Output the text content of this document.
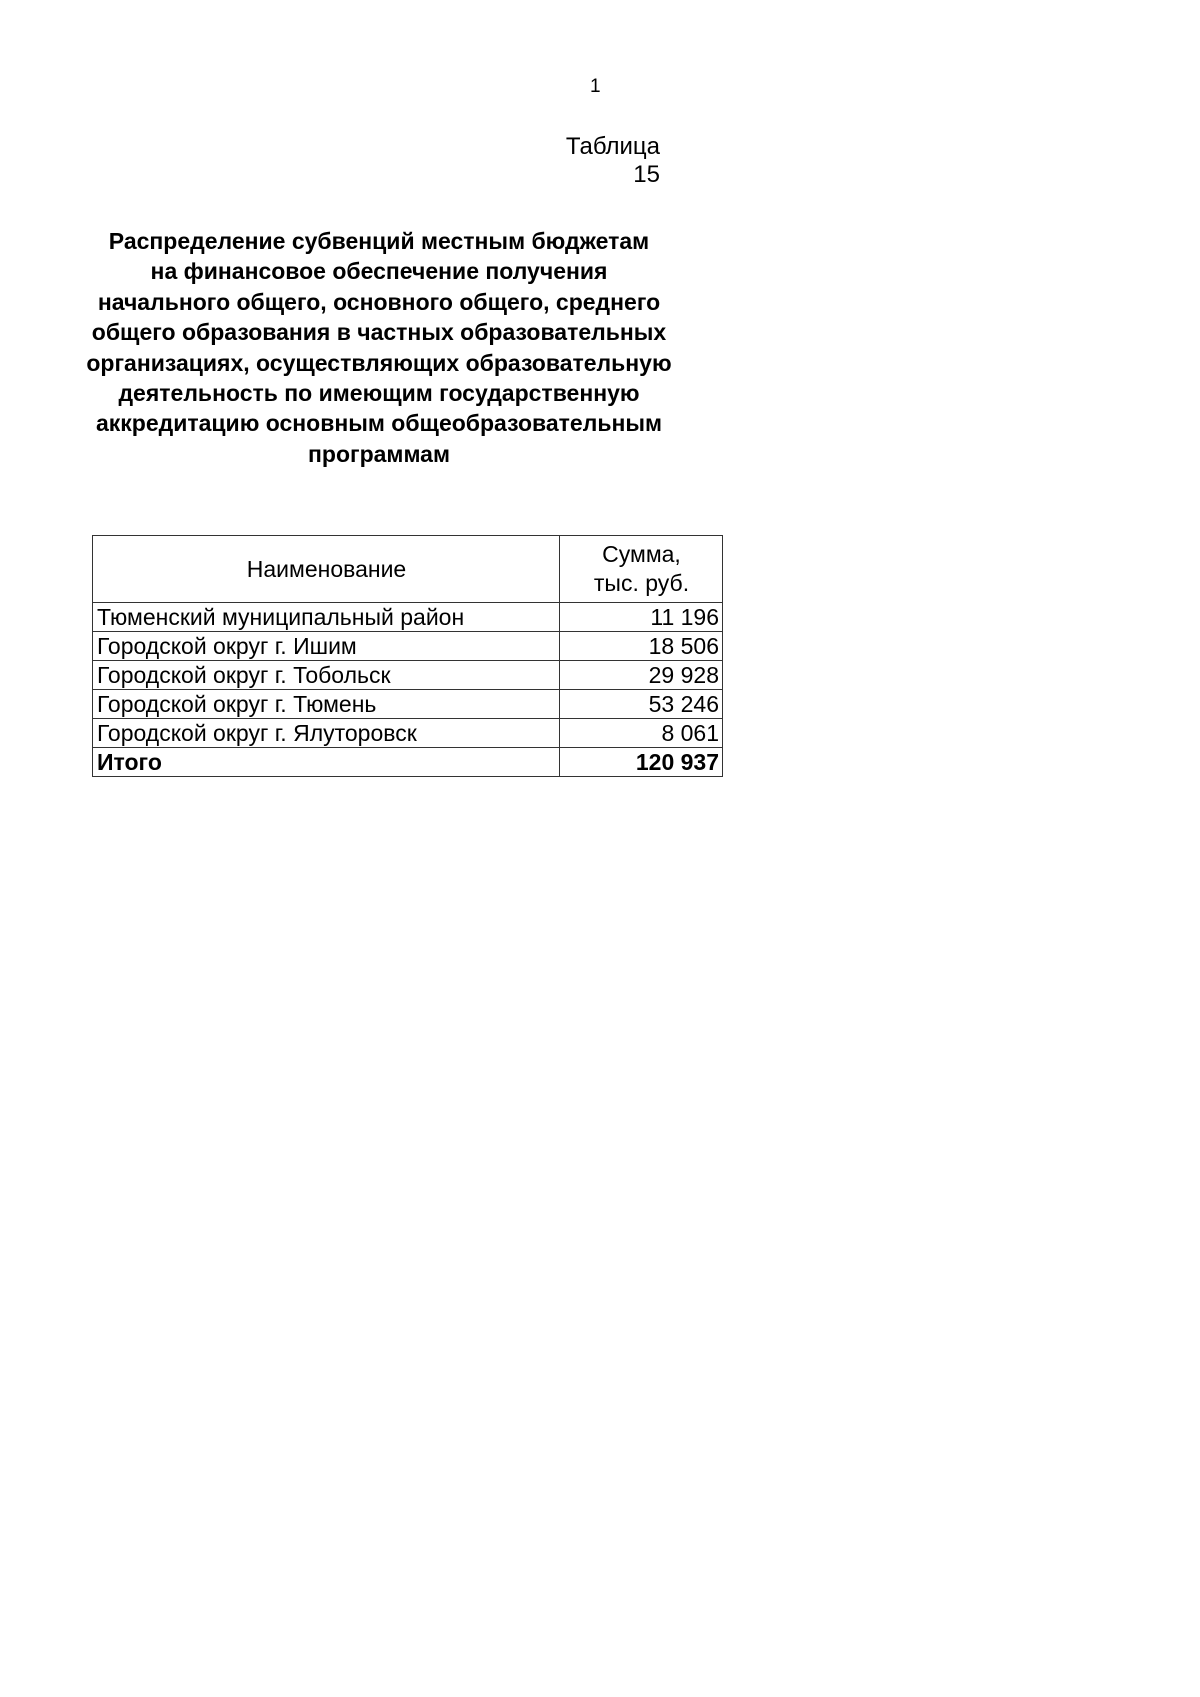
1
Таблица 15
Распределение субвенций местным бюджетам
на финансовое обеспечение получения
начального общего, основного общего, среднего
общего образования в частных образовательных
организациях, осуществляющих образовательную
деятельность по имеющим государственную
аккредитацию основным общеобразовательным
программам
Наименование	Сумма,
тыс. руб.

Тюменский муниципальный район	11 196
Городской округ г. Ишим	18 506
Городской округ г. Тобольск	29 928
Городской округ г. Тюмень	53 246
Городской округ г. Ялуторовск	8 061
Итого	120 937
